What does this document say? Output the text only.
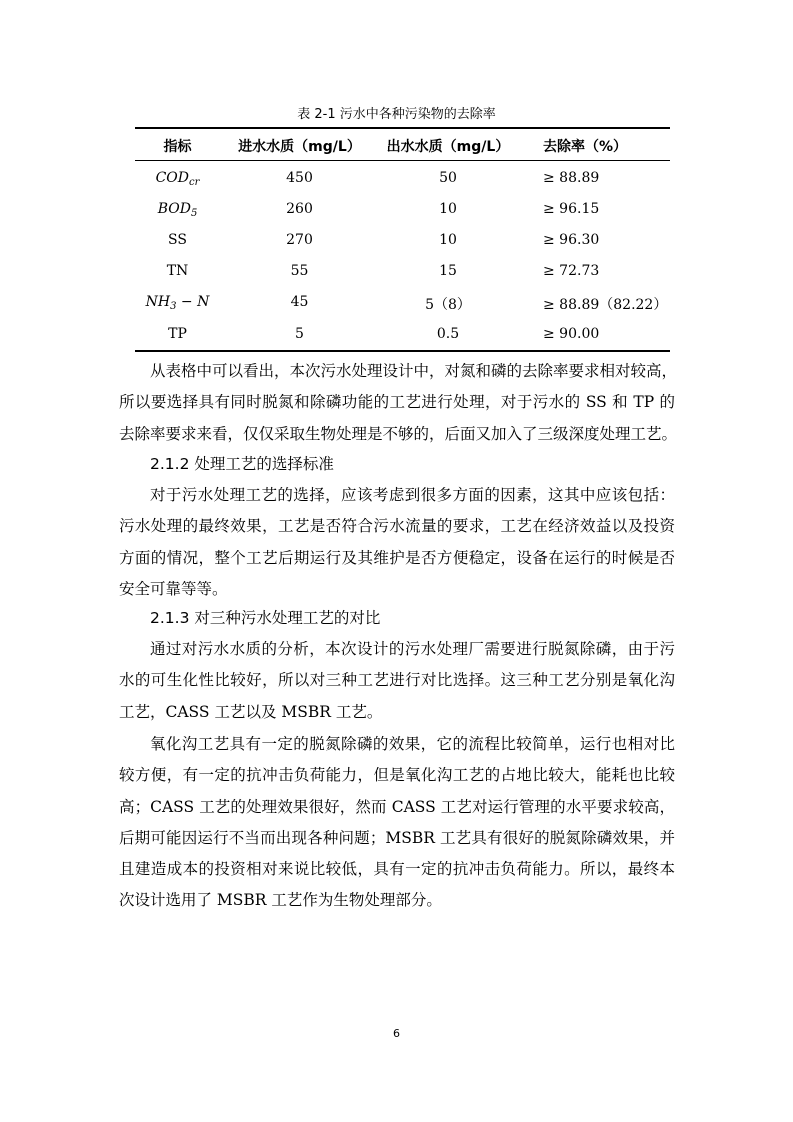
表 2-1 污水中各种污染物的去除率
指标	进水水质（mg/L）	出水水质（mg/L）	去除率（%）
$COD_{cr}$	450	50	≥ 88.89
$BOD_5$	260	10	≥ 96.15
SS	270	10	≥ 96.30
TN	55	15	≥ 72.73
$NH_3 - N$	45	5（8）	≥ 88.89（82.22）
TP	5	0.5	≥ 90.00
从表格中可以看出，本次污水处理设计中，对氮和磷的去除率要求相对较高，
所以要选择具有同时脱氮和除磷功能的工艺进行处理，对于污水的 SS 和 TP 的
去除率要求来看，仅仅采取生物处理是不够的，后面又加入了三级深度处理工艺。
2.1.2 处理工艺的选择标准
对于污水处理工艺的选择，应该考虑到很多方面的因素，这其中应该包括：
污水处理的最终效果，工艺是否符合污水流量的要求，工艺在经济效益以及投资
方面的情况，整个工艺后期运行及其维护是否方便稳定，设备在运行的时候是否
安全可靠等等。
2.1.3 对三种污水处理工艺的对比
通过对污水水质的分析，本次设计的污水处理厂需要进行脱氮除磷，由于污
水的可生化性比较好，所以对三种工艺进行对比选择。这三种工艺分别是氧化沟
工艺，CASS 工艺以及 MSBR 工艺。
氧化沟工艺具有一定的脱氮除磷的效果，它的流程比较简单，运行也相对比
较方便，有一定的抗冲击负荷能力，但是氧化沟工艺的占地比较大，能耗也比较
高；CASS 工艺的处理效果很好，然而 CASS 工艺对运行管理的水平要求较高，
后期可能因运行不当而出现各种问题；MSBR 工艺具有很好的脱氮除磷效果，并
且建造成本的投资相对来说比较低，具有一定的抗冲击负荷能力。所以，最终本
次设计选用了 MSBR 工艺作为生物处理部分。
6
